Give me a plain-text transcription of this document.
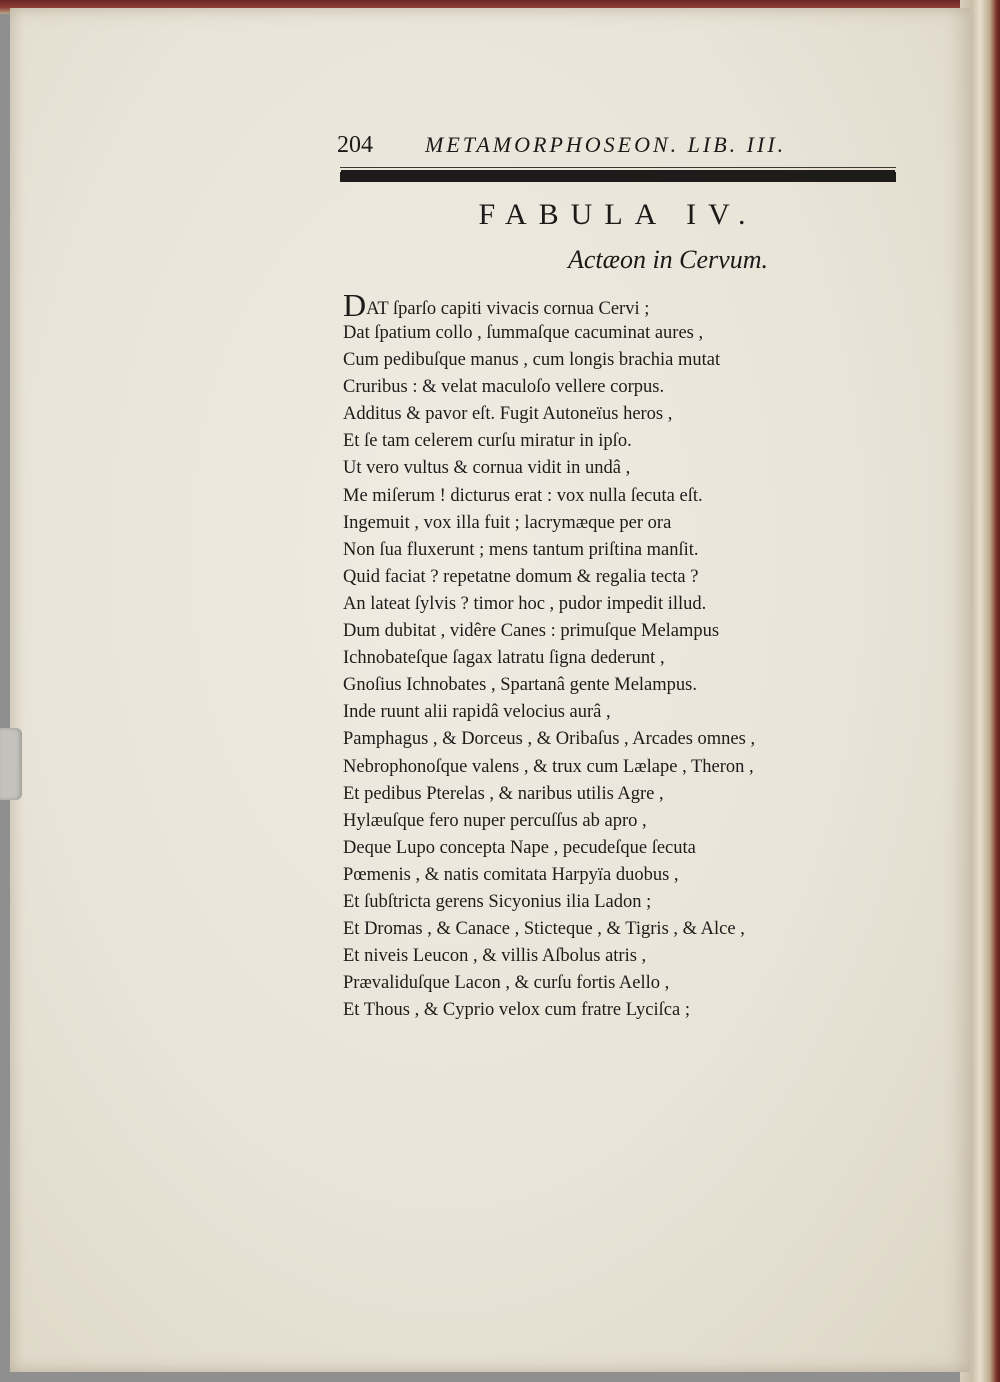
204 METAMORPHOSEON. LIB. III.
FABULA IV.
Actæon in Cervum.
DAT ſparſo capiti vivacis cornua Cervi ;
Dat ſpatium collo , ſummaſque cacuminat aures ,
Cum pedibuſque manus , cum longis brachia mutat
Cruribus : & velat maculoſo vellere corpus.
Additus & pavor eſt. Fugit Autoneïus heros ,
Et ſe tam celerem curſu miratur in ipſo.
Ut vero vultus & cornua vidit in undâ ,
Me miſerum ! dicturus erat : vox nulla ſecuta eſt.
Ingemuit , vox illa fuit ; lacrymæque per ora
Non ſua fluxerunt ; mens tantum priſtina manſit.
Quid faciat ? repetatne domum & regalia tecta ?
An lateat ſylvis ? timor hoc , pudor impedit illud.
Dum dubitat , vidêre Canes : primuſque Melampus
Ichnobateſque ſagax latratu ſigna dederunt ,
Gnoſius Ichnobates , Spartanâ gente Melampus.
Inde ruunt alii rapidâ velocius aurâ ,
Pamphagus , & Dorceus , & Oribaſus , Arcades omnes ,
Nebrophonoſque valens , & trux cum Lælape , Theron ,
Et pedibus Pterelas , & naribus utilis Agre ,
Hylæuſque fero nuper percuſſus ab apro ,
Deque Lupo concepta Nape , pecudeſque ſecuta
Pœmenis , & natis comitata Harpyïa duobus ,
Et ſubſtricta gerens Sicyonius ilia Ladon ;
Et Dromas , & Canace , Sticteque , & Tigris , & Alce ,
Et niveis Leucon , & villis Aſbolus atris ,
Prævaliduſque Lacon , & curſu fortis Aello ,
Et Thous , & Cyprio velox cum fratre Lyciſca ;
